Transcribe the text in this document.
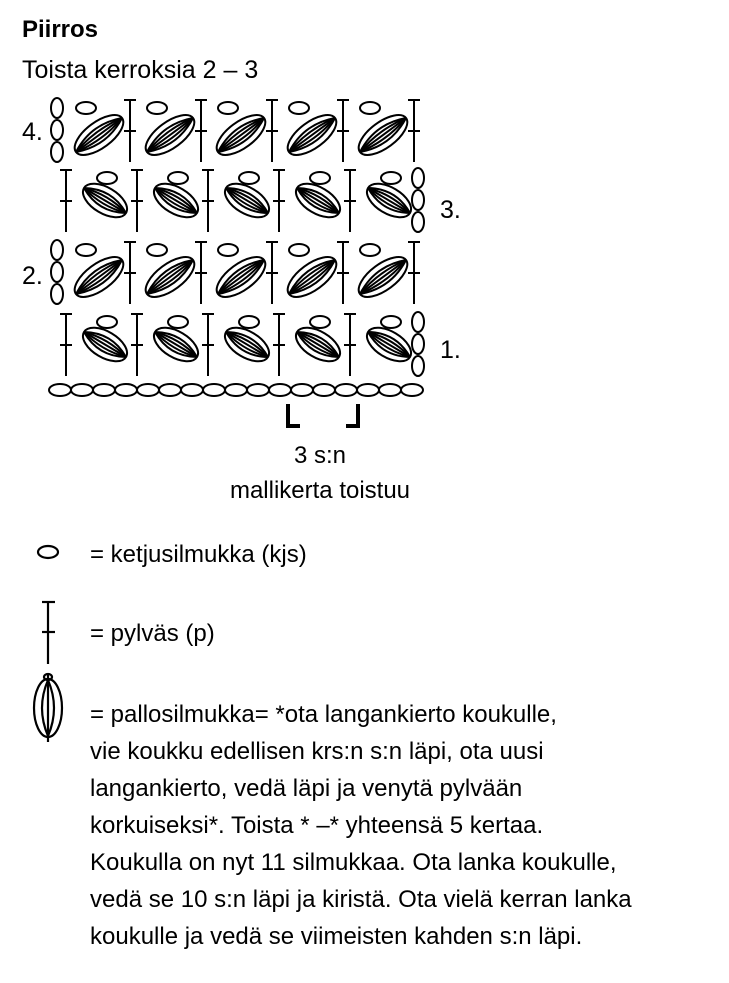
Piirros
Toista kerroksia 2 – 3
4.
3.
2.
1.
3 s:n
mallikerta toistuu
= ketjusilmukka (kjs)
= pylväs (p)
= pallosilmukka= *ota langankierto koukulle,
vie koukku edellisen krs:n s:n läpi, ota uusi
langankierto, vedä läpi ja venytä pylvään
korkuiseksi*. Toista * –* yhteensä 5 kertaa.
Koukulla on nyt 11 silmukkaa. Ota lanka koukulle,
vedä se 10 s:n läpi ja kiristä. Ota vielä kerran lanka
koukulle ja vedä se viimeisten kahden s:n läpi.
